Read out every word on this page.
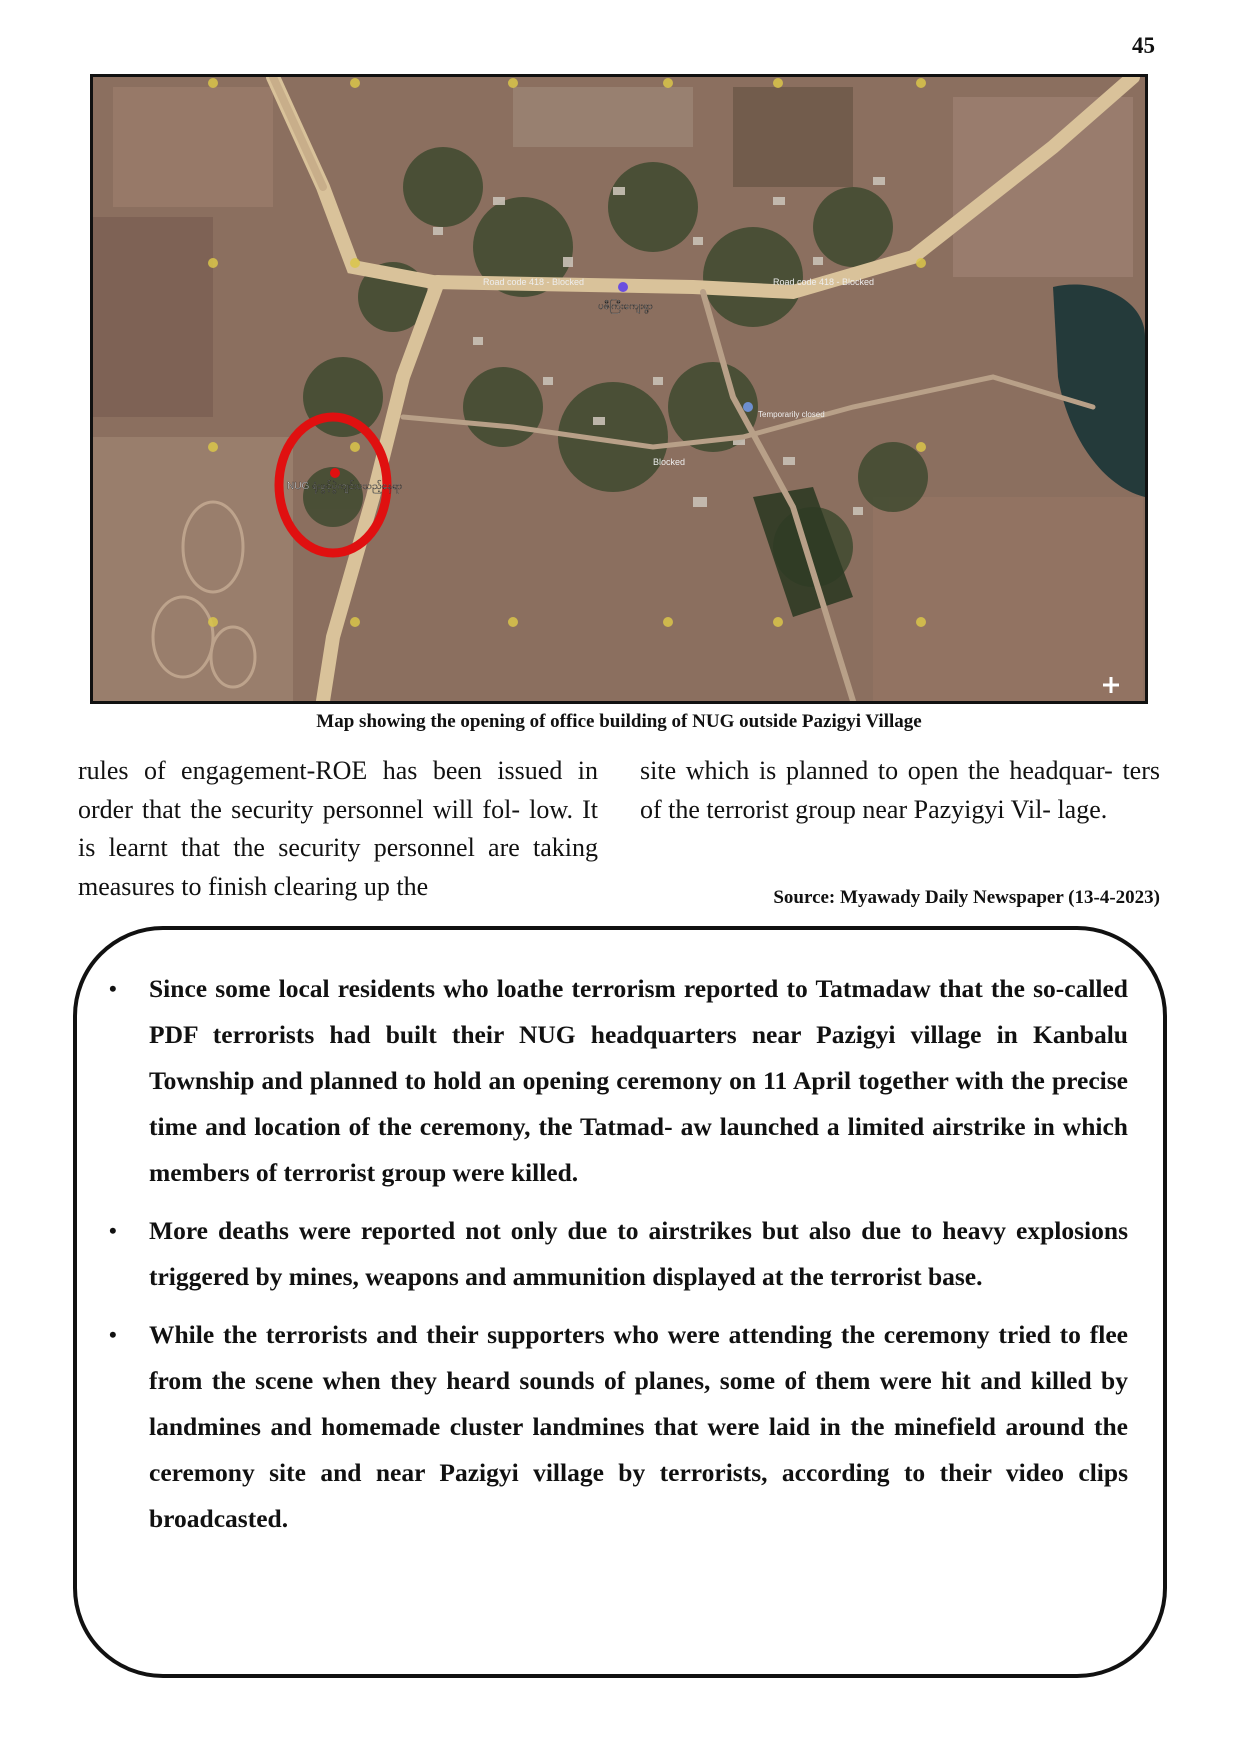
45
Road code 418 - Blocked	Road code 418 - Blocked
Blocked
ပဇီကြီးကျေးရွာ
Temporarily closed
NUG ရုံးဖွင့်ပွဲကျင်းပသည့်နေရာ
Map showing the opening of office building of NUG outside Pazigyi Village
rules of engagement-ROE has been issued in order that the security personnel will fol- low. It is learnt that the security personnel are taking measures to finish clearing up the
site which is planned to open the headquar- ters of the terrorist group near Pazyigyi Vil- lage.
Source: Myawady Daily Newspaper (13-4-2023)
• Since some local residents who loathe terrorism reported to Tatmadaw that the so-called PDF terrorists had built their NUG headquarters near Pazigyi village in Kanbalu Township and planned to hold an opening ceremony on 11 April together with the precise time and location of the ceremony, the Tatmad- aw launched a limited airstrike in which members of terrorist group were killed.
• More deaths were reported not only due to airstrikes but also due to heavy explosions triggered by mines, weapons and ammunition displayed at the terrorist base.
• While the terrorists and their supporters who were attending the ceremony tried to flee from the scene when they heard sounds of planes, some of them were hit and killed by landmines and homemade cluster landmines that were laid in the minefield around the ceremony site and near Pazigyi village by terrorists, according to their video clips broadcasted.
